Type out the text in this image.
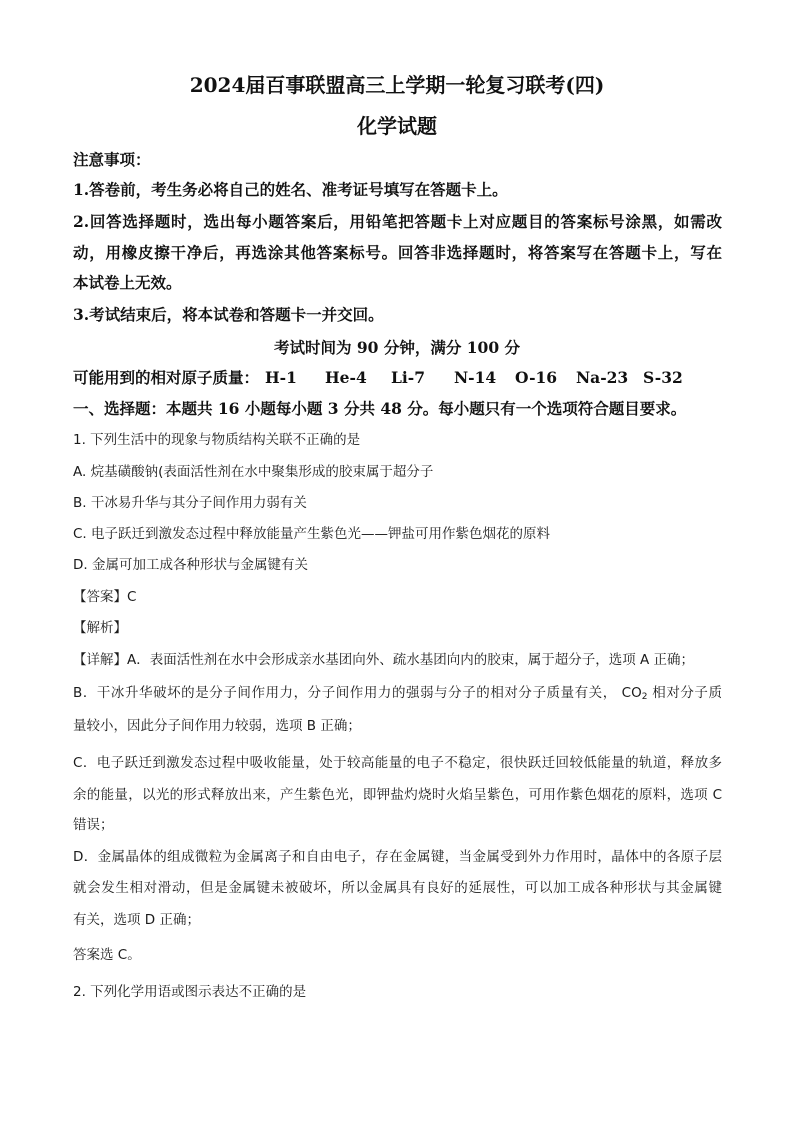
2024届百事联盟高三上学期一轮复习联考(四)
化学试题
注意事项：
1.答卷前，考生务必将自己的姓名、准考证号填写在答题卡上。
2.回答选择题时，选出每小题答案后，用铅笔把答题卡上对应题目的答案标号涂黑，如需改
动，用橡皮擦干净后，再选涂其他答案标号。回答非选择题时，将答案写在答题卡上，写在
本试卷上无效。
3.考试结束后，将本试卷和答题卡一并交回。
考试时间为 90 分钟，满分 100 分
可能用到的相对原子质量： H-1 He-4 Li-7 N-14 O-16 Na-23 S-32
一、选择题：本题共 16 小题每小题 3 分共 48 分。每小题只有一个选项符合题目要求。
1. 下列生活中的现象与物质结构关联不正确的是
A. 烷基磺酸钠(表面活性剂在水中聚集形成的胶束属于超分子
B. 干冰易升华与其分子间作用力弱有关
C. 电子跃迁到激发态过程中释放能量产生紫色光——钾盐可用作紫色烟花的原料
D. 金属可加工成各种形状与金属键有关
【答案】C
【解析】
【详解】A．表面活性剂在水中会形成亲水基团向外、疏水基团向内的胶束，属于超分子，选项 A 正确；
B．干冰升华破坏的是分子间作用力，分子间作用力的强弱与分子的相对分子质量有关， $CO_2$ 相对分子质
量较小，因此分子间作用力较弱，选项 B 正确；
C．电子跃迁到激发态过程中吸收能量，处于较高能量的电子不稳定，很快跃迁回较低能量的轨道，释放多
余的能量，以光的形式释放出来，产生紫色光，即钾盐灼烧时火焰呈紫色，可用作紫色烟花的原料，选项 C
错误；
D．金属晶体的组成微粒为金属离子和自由电子，存在金属键，当金属受到外力作用时，晶体中的各原子层
就会发生相对滑动，但是金属键未被破坏，所以金属具有良好的延展性，可以加工成各种形状与其金属键
有关，选项 D 正确；
答案选 C。
2. 下列化学用语或图示表达不正确的是
